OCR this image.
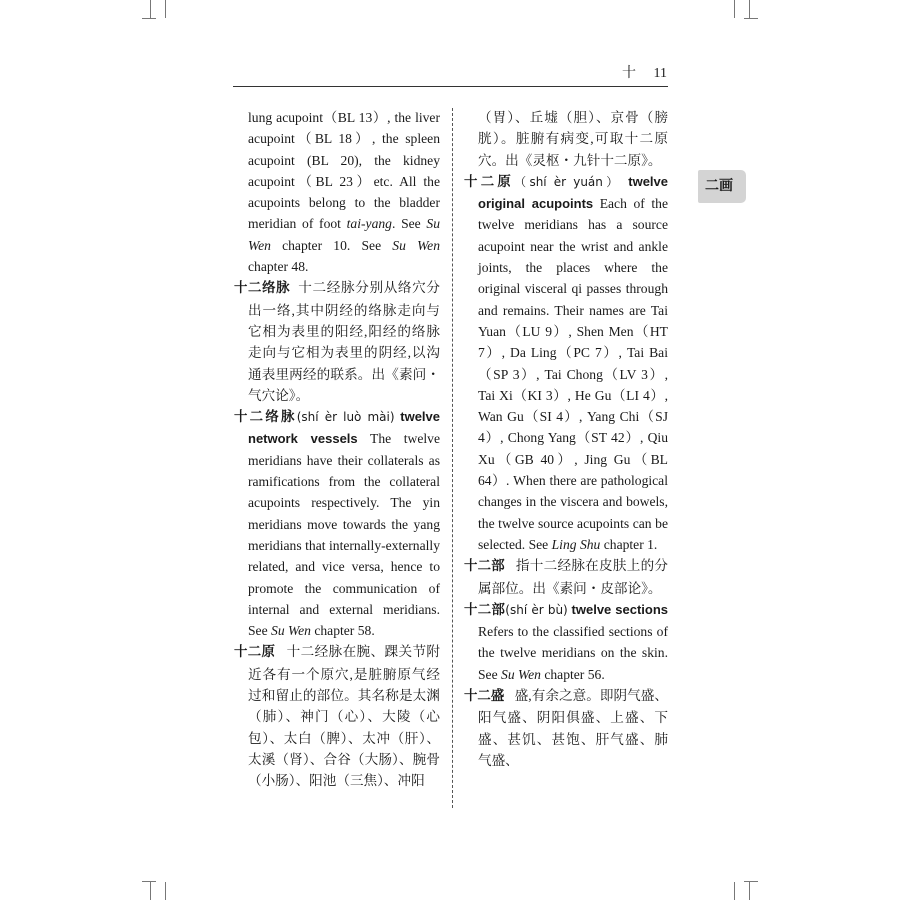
十 11
二画

lung acupoint（BL 13）, the liver acupoint（BL 18）, the spleen acupoint (BL 20), the kidney acupoint（BL 23）etc. All the acupoints belong to the bladder meridian of foot tai-yang. See Su Wen chapter 10. See Su Wen chapter 48.

十二络脉 十二经脉分别从络穴分出一络,其中阴经的络脉走向与它相为表里的阳经,阳经的络脉走向与它相为表里的阴经,以沟通表里两经的联系。出《素问・气穴论》。

十二络脉(shí èr luò mài) twelve network vessels The twelve meridians have their collaterals as ramifications from the collateral acupoints respectively. The yin meridians move towards the yang meridians that internally-externally related, and vice versa, hence to promote the communication of internal and external meridians. See Su Wen chapter 58.

十二原 十二经脉在腕、踝关节附近各有一个原穴,是脏腑原气经过和留止的部位。其名称是太渊（肺）、神门（心）、大陵（心包）、太白（脾）、太冲（肝）、太溪（肾）、合谷（大肠）、腕骨（小肠）、阳池（三焦）、冲阳

（胃）、丘墟（胆）、京骨（膀胱）。脏腑有病变,可取十二原穴。出《灵枢・九针十二原》。

十二原（shí èr yuán） twelve original acupoints Each of the twelve meridians has a source acupoint near the wrist and ankle joints, the places where the original visceral qi passes through and remains. Their names are Tai Yuan（LU 9）, Shen Men（HT 7）, Da Ling（PC 7）, Tai Bai（SP 3）, Tai Chong（LV 3）, Tai Xi（KI 3）, He Gu（LI 4）, Wan Gu（SI 4）, Yang Chi（SJ 4）, Chong Yang（ST 42）, Qiu Xu（GB 40）, Jing Gu（BL 64）. When there are pathological changes in the viscera and bowels, the twelve source acupoints can be selected. See Ling Shu chapter 1.

十二部 指十二经脉在皮肤上的分属部位。出《素问・皮部论》。

十二部(shí èr bù) twelve sections Refers to the classified sections of the twelve meridians on the skin. See Su Wen chapter 56.

十二盛 盛,有余之意。即阴气盛、阳气盛、阴阳俱盛、上盛、下盛、甚饥、甚饱、肝气盛、肺气盛、
